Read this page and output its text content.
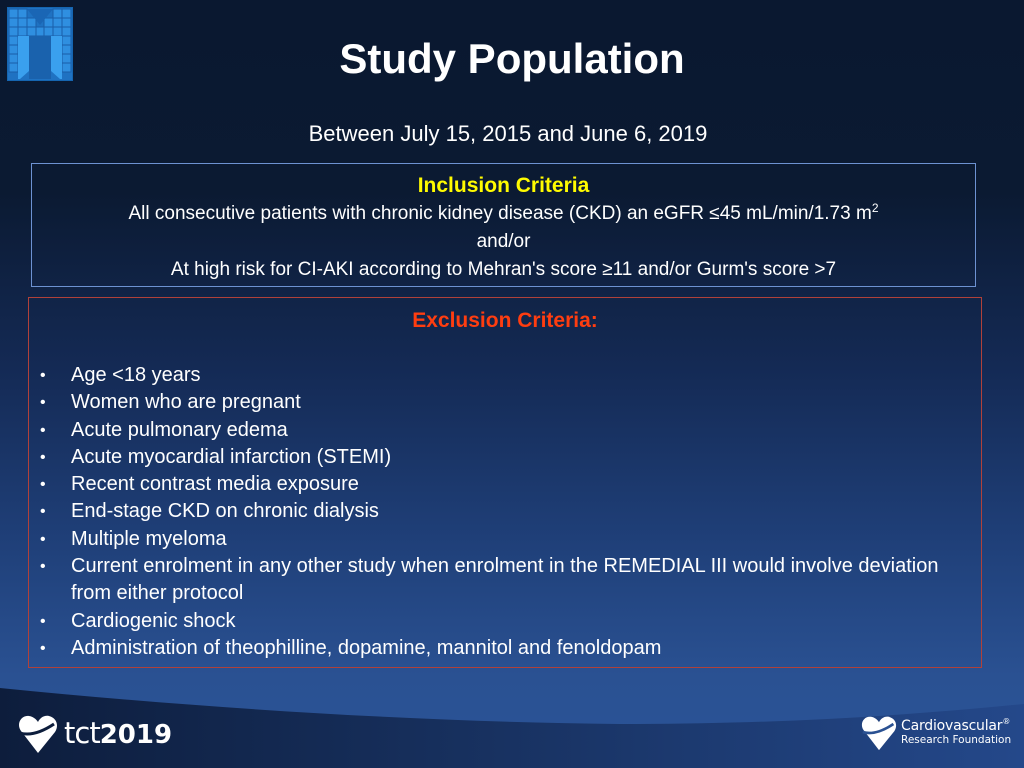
Study Population
Between July 15, 2015 and June 6, 2019
Inclusion Criteria
All consecutive patients with chronic kidney disease (CKD) an eGFR ≤45 mL/min/1.73 $m^2$
and/or
At high risk for CI-AKI according to Mehran's score ≥11 and/or Gurm's score >7
Exclusion Criteria:
• Age <18 years
• Women who are pregnant
• Acute pulmonary edema
• Acute myocardial infarction (STEMI)
• Recent contrast media exposure
• End-stage CKD on chronic dialysis
• Multiple myeloma
• Current enrolment in any other study when enrolment in the REMEDIAL III would involve deviation from either protocol
• Cardiogenic shock
• Administration of theophilline, dopamine, mannitol and fenoldopam
tct2019	Cardiovascular®
Research Foundation
